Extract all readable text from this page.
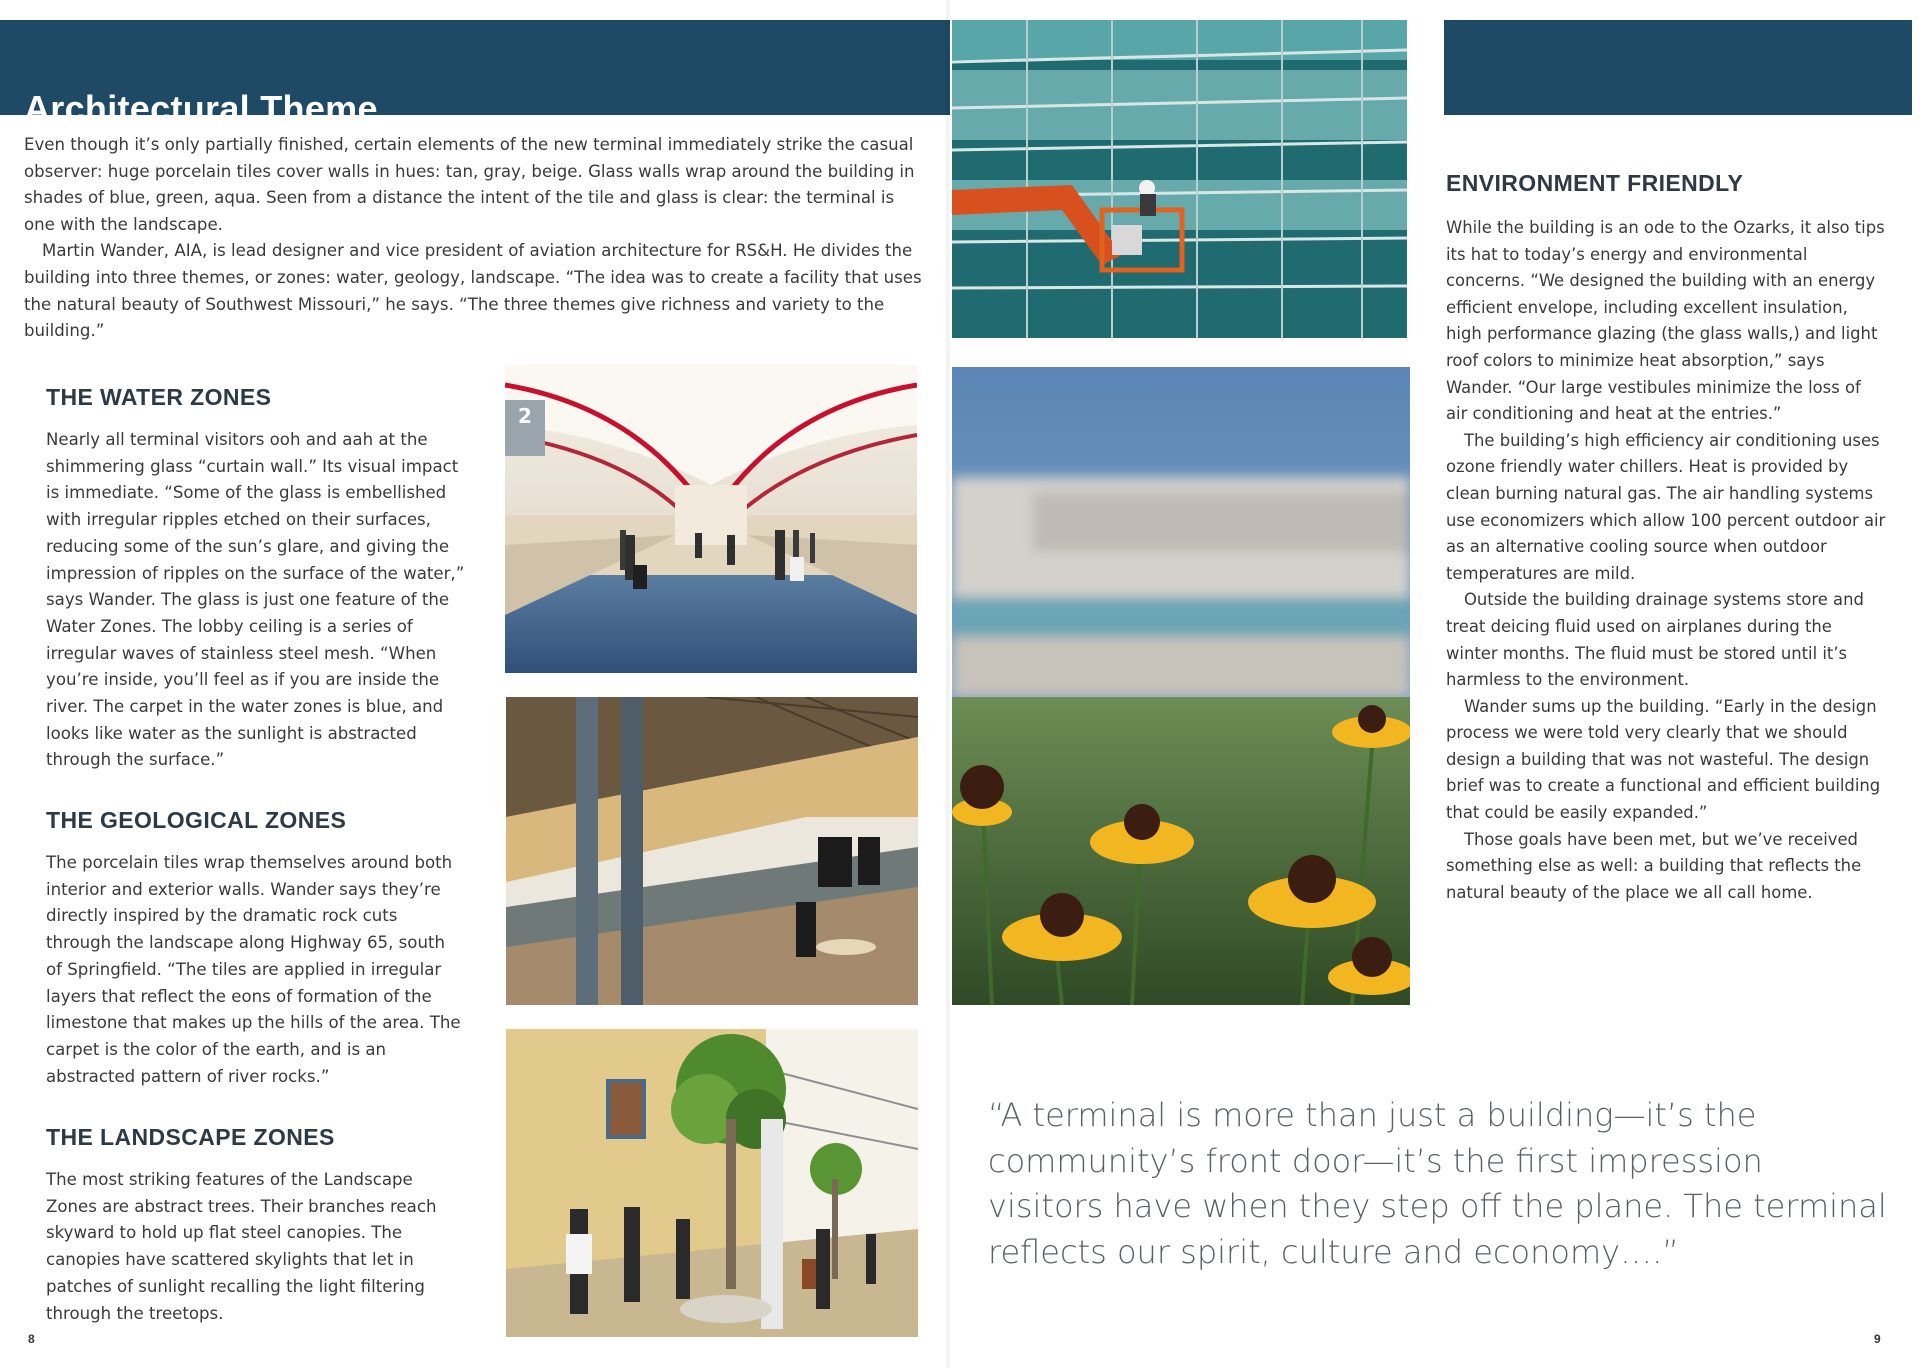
Architectural Theme

Even though it’s only partially finished, certain elements of the new terminal immediately strike the casual observer: huge porcelain tiles cover walls in hues: tan, gray, beige. Glass walls wrap around the building in shades of blue, green, aqua. Seen from a distance the intent of the tile and glass is clear: the terminal is one with the landscape.

Martin Wander, AIA, is lead designer and vice president of aviation architecture for RS&H. He divides the building into three themes, or zones: water, geology, landscape. “The idea was to create a facility that uses the natural beauty of Southwest Missouri,” he says. “The three themes give richness and variety to the building.”

THE WATER ZONES

Nearly all terminal visitors ooh and aah at the shimmering glass “curtain wall.” Its visual impact is immediate. “Some of the glass is embellished with irregular ripples etched on their surfaces, reducing some of the sun’s glare, and giving the impression of ripples on the surface of the water,” says Wander. The glass is just one feature of the Water Zones. The lobby ceiling is a series of irregular waves of stainless steel mesh. “When you’re inside, you’ll feel as if you are inside the river. The carpet in the water zones is blue, and looks like water as the sunlight is abstracted through the surface.”

THE GEOLOGICAL ZONES

The porcelain tiles wrap themselves around both interior and exterior walls. Wander says they’re directly inspired by the dramatic rock cuts through the landscape along Highway 65, south of Springfield. “The tiles are applied in irregular layers that reflect the eons of formation of the limestone that makes up the hills of the area. The carpet is the color of the earth, and is an abstracted pattern of river rocks.”

THE LANDSCAPE ZONES

The most striking features of the Landscape Zones are abstract trees. Their branches reach skyward to hold up flat steel canopies. The canopies have scattered skylights that let in patches of sunlight recalling the light filtering through the treetops.

2
8
ENVIRONMENT FRIENDLY

While the building is an ode to the Ozarks, it also tips its hat to today’s energy and environmental concerns. “We designed the building with an energy efficient envelope, including excellent insulation, high performance glazing (the glass walls,) and light roof colors to minimize heat absorption,” says Wander. “Our large vestibules minimize the loss of air conditioning and heat at the entries.”

The building’s high efficiency air conditioning uses ozone friendly water chillers. Heat is provided by clean burning natural gas. The air handling systems use economizers which allow 100 percent outdoor air as an alternative cooling source when outdoor temperatures are mild.

Outside the building drainage systems store and treat deicing fluid used on airplanes during the winter months. The fluid must be stored until it’s harmless to the environment.

Wander sums up the building. “Early in the design process we were told very clearly that we should design a building that was not wasteful. The design brief was to create a functional and efficient building that could be easily expanded.”

Those goals have been met, but we’ve received something else as well: a building that reflects the natural beauty of the place we all call home.

“A terminal is more than just a building—it’s the community’s front door—it’s the first impression visitors have when they step off the plane. The terminal reflects our spirit, culture and economy….”

9
